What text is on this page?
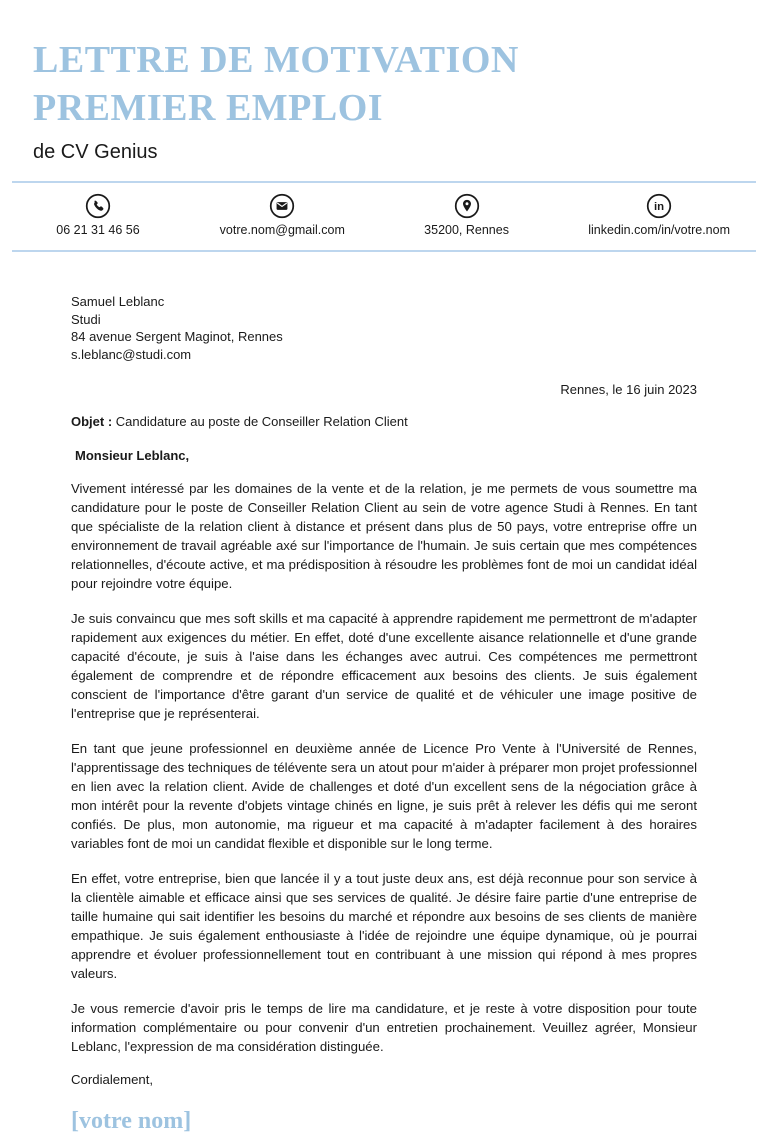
LETTRE DE MOTIVATION
PREMIER EMPLOI
de CV Genius
06 21 31 46 56	votre.nom@gmail.com	35200, Rennes
in
linkedin.com/in/votre.nom
Samuel Leblanc
Studi
84 avenue Sergent Maginot, Rennes
s.leblanc@studi.com
Rennes, le 16 juin 2023
Objet : Candidature au poste de Conseiller Relation Client
Monsieur Leblanc,

Vivement intéressé par les domaines de la vente et de la relation, je me permets de vous soumettre ma candidature pour le poste de Conseiller Relation Client au sein de votre agence Studi à Rennes. En tant que spécialiste de la relation client à distance et présent dans plus de 50 pays, votre entreprise offre un environnement de travail agréable axé sur l'importance de l'humain. Je suis certain que mes compétences relationnelles, d'écoute active, et ma prédisposition à résoudre les problèmes font de moi un candidat idéal pour rejoindre votre équipe.

Je suis convaincu que mes soft skills et ma capacité à apprendre rapidement me permettront de m'adapter rapidement aux exigences du métier. En effet, doté d'une excellente aisance relationnelle et d'une grande capacité d'écoute, je suis à l'aise dans les échanges avec autrui. Ces compétences me permettront également de comprendre et de répondre efficacement aux besoins des clients. Je suis également conscient de l'importance d'être garant d'un service de qualité et de véhiculer une image positive de l'entreprise que je représenterai.

En tant que jeune professionnel en deuxième année de Licence Pro Vente à l'Université de Rennes, l'apprentissage des techniques de télévente sera un atout pour m'aider à préparer mon projet professionnel en lien avec la relation client. Avide de challenges et doté d'un excellent sens de la négociation grâce à mon intérêt pour la revente d'objets vintage chinés en ligne, je suis prêt à relever les défis qui me seront confiés. De plus, mon autonomie, ma rigueur et ma capacité à m'adapter facilement à des horaires variables font de moi un candidat flexible et disponible sur le long terme.

En effet, votre entreprise, bien que lancée il y a tout juste deux ans, est déjà reconnue pour son service à la clientèle aimable et efficace ainsi que ses services de qualité. Je désire faire partie d'une entreprise de taille humaine qui sait identifier les besoins du marché et répondre aux besoins de ses clients de manière empathique. Je suis également enthousiaste à l'idée de rejoindre une équipe dynamique, où je pourrai apprendre et évoluer professionnellement tout en contribuant à une mission qui répond à mes propres valeurs.

Je vous remercie d'avoir pris le temps de lire ma candidature, et je reste à votre disposition pour toute information complémentaire ou pour convenir d'un entretien prochainement. Veuillez agréer, Monsieur Leblanc, l'expression de ma considération distinguée.

Cordialement,
[votre nom]
